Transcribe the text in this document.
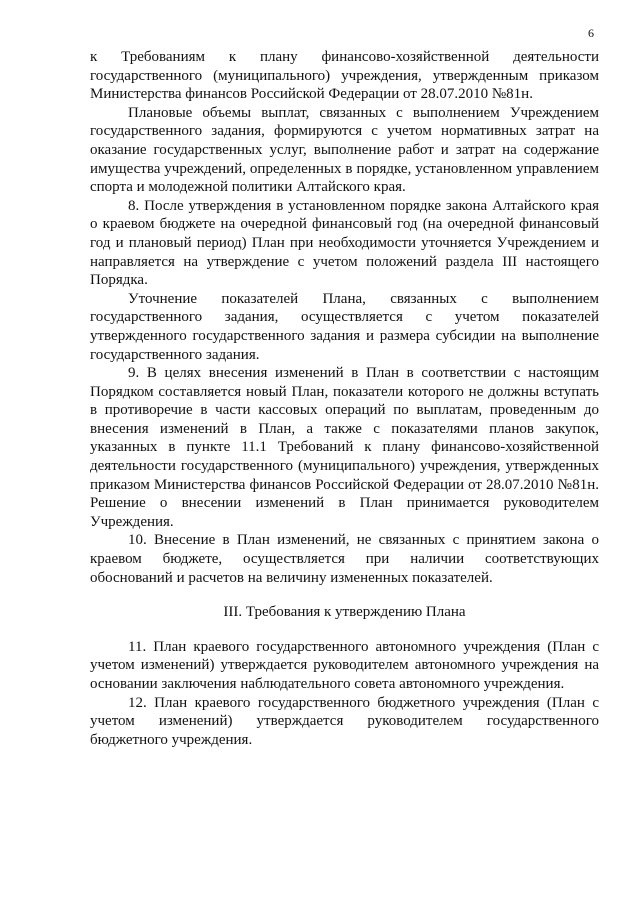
6

к Требованиям к плану финансово-хозяйственной деятельности государственного (муниципального) учреждения, утвержденным приказом Министерства финансов Российской Федерации от 28.07.2010 №81н.

Плановые объемы выплат, связанных с выполнением Учреждением государственного задания, формируются с учетом нормативных затрат на оказание государственных услуг, выполнение работ и затрат на содержание имущества учреждений, определенных в порядке, установленном управлением спорта и молодежной политики Алтайского края.

8. После утверждения в установленном порядке закона Алтайского края о краевом бюджете на очередной финансовый год (на очередной финансовый год и плановый период) План при необходимости уточняется Учреждением и направляется на утверждение с учетом положений раздела III настоящего Порядка.

Уточнение показателей Плана, связанных с выполнением государственного задания, осуществляется с учетом показателей утвержденного государственного задания и размера субсидии на выполнение государственного задания.

9. В целях внесения изменений в План в соответствии с настоящим Порядком составляется новый План, показатели которого не должны вступать в противоречие в части кассовых операций по выплатам, проведенным до внесения изменений в План, а также с показателями планов закупок, указанных в пункте 11.1 Требований к плану финансово-хозяйственной деятельности государственного (муниципального) учреждения, утвержденных приказом Министерства финансов Российской Федерации от 28.07.2010 №81н. Решение о внесении изменений в План принимается руководителем Учреждения.

10. Внесение в План изменений, не связанных с принятием закона о краевом бюджете, осуществляется при наличии соответствующих обоснований и расчетов на величину измененных показателей.

III. Требования к утверждению Плана

11. План краевого государственного автономного учреждения (План с учетом изменений) утверждается руководителем автономного учреждения на основании заключения наблюдательного совета автономного учреждения.

12. План краевого государственного бюджетного учреждения (План с учетом изменений) утверждается руководителем государственного бюджетного учреждения.
